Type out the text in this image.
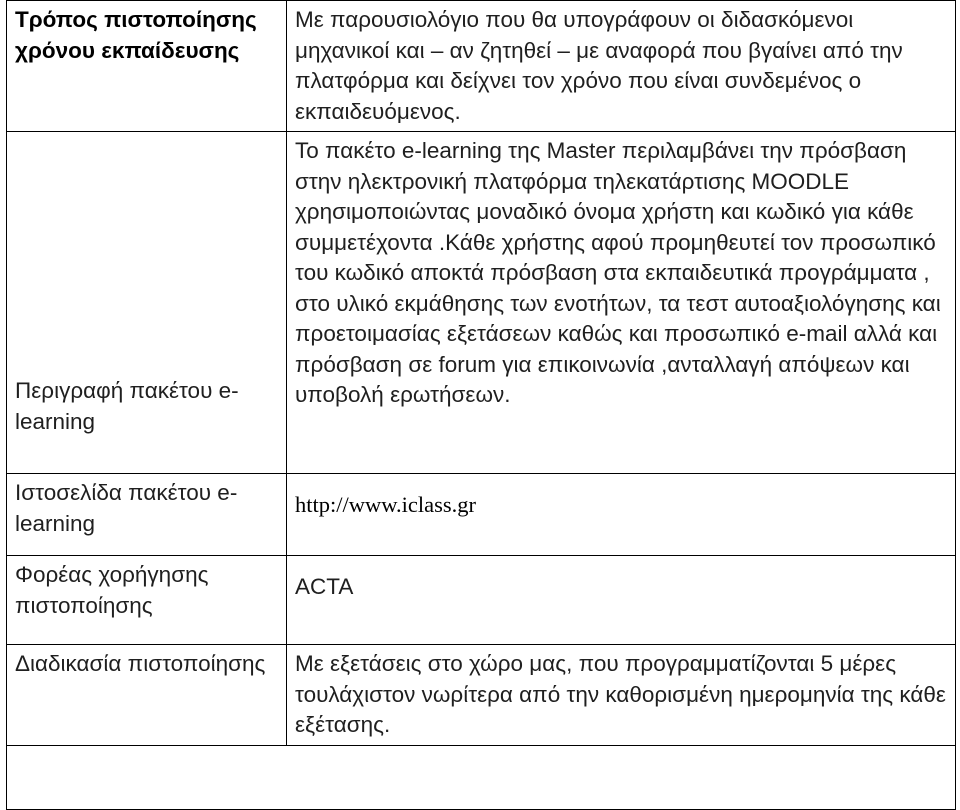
Τρόπος πιστοποίησης χρόνου εκπαίδευσης	Με παρουσιολόγιο που θα υπογράφουν οι διδασκόμενοι μηχανικοί και – αν ζητηθεί – με αναφορά που βγαίνει από την πλατφόρμα και δείχνει τον χρόνο που είναι συνδεμένος ο εκπαιδευόμενος.

Περιγραφή πακέτου e-learning	Το πακέτο e-learning της Master περιλαμβάνει την πρόσβαση στην ηλεκτρονική πλατφόρμα τηλεκατάρτισης MOODLE χρησιμοποιώντας μοναδικό όνομα χρήστη και κωδικό για κάθε συμμετέχοντα .Κάθε χρήστης αφού προμηθευτεί τον προσωπικό του κωδικό αποκτά πρόσβαση στα εκπαιδευτικά προγράμματα , στο υλικό εκμάθησης των ενοτήτων, τα τεστ αυτοαξιολόγησης και προετοιμασίας εξετάσεων καθώς και προσωπικό e-mail αλλά και πρόσβαση σε forum για επικοινωνία ,ανταλλαγή απόψεων και υποβολή ερωτήσεων.
Ιστοσελίδα πακέτου e-learning	http://www.iclass.gr
Φορέας χορήγησης πιστοποίησης	ACTA
Διαδικασία πιστοποίησης	Με εξετάσεις στο χώρο μας, που προγραμματίζονται 5 μέρες τουλάχιστον νωρίτερα από την καθορισμένη ημερομηνία της κάθε εξέτασης.
